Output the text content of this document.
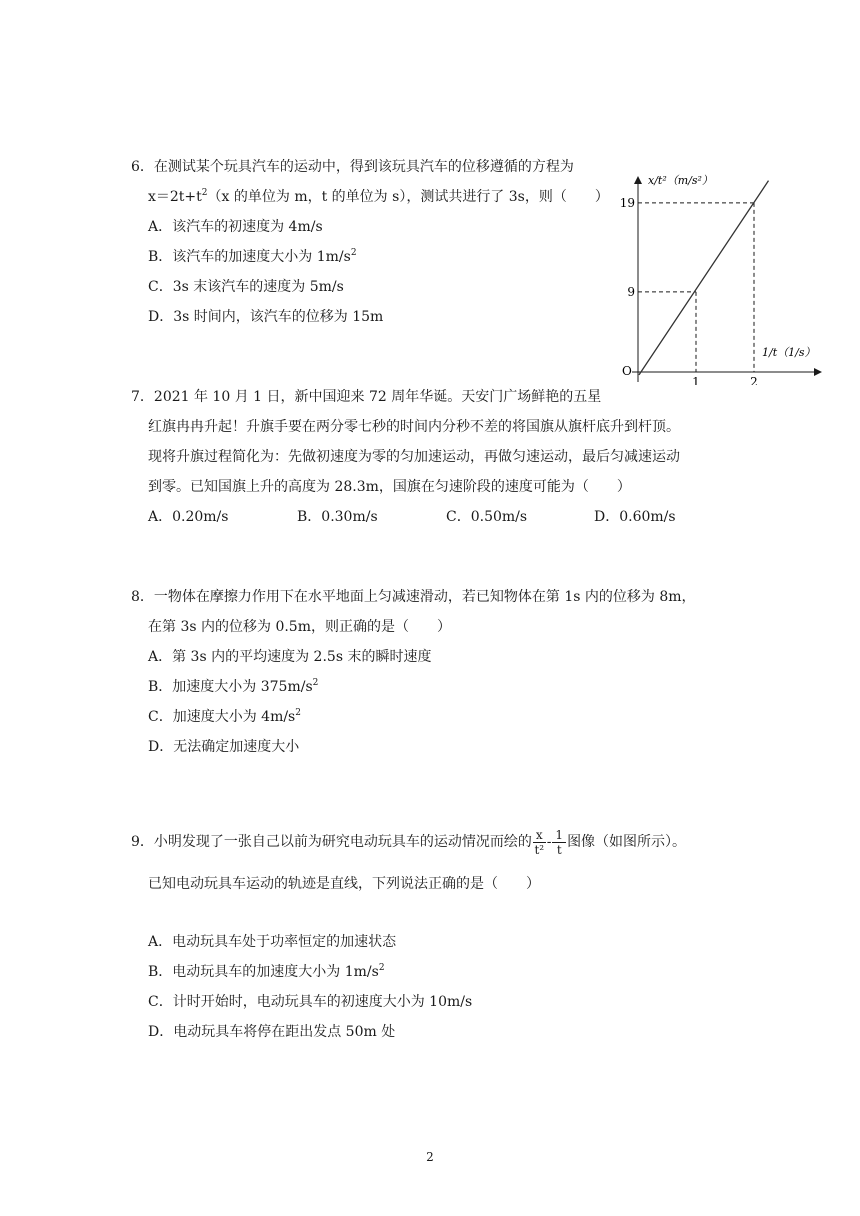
6．在测试某个玩具汽车的运动中，得到该玩具汽车的位移遵循的方程为
$x=2t+t^2(x$ 的单位为 m，t 的单位为 s），测试共进行了 3s，则（　　）
A．该汽车的初速度为 4m/s
B．该汽车的加速度大小为 $1m/s^2$
C．3s 末该汽车的速度为 5m/s
D．3s 时间内，该汽车的位移为 15m
19
9
1	2
O
x/t²（m/s²）
1/t（1/s）
7．2021 年 10 月 1 日，新中国迎来 72 周年华诞。天安门广场鲜艳的五星
红旗冉冉升起！升旗手要在两分零七秒的时间内分秒不差的将国旗从旗杆底升到杆顶。
现将升旗过程简化为：先做初速度为零的匀加速运动，再做匀速运动，最后匀减速运动
到零。已知国旗上升的高度为 28.3m，国旗在匀速阶段的速度可能为（　　）
A．0.20m/s	B．0.30m/s	C．0.50m/s	D．0.60m/s
8．一物体在摩擦力作用下在水平地面上匀减速滑动，若已知物体在第 1s 内的位移为 8m，
在第 3s 内的位移为 0.5m，则正确的是（　　）
A．第 3s 内的平均速度为 2.5s 末的瞬时速度
B．加速度大小为 $375m/s^2$
C．加速度大小为 $4m/s^2$
D．无法确定加速度大小
9．小明发现了一张自己以前为研究电动玩具车的运动情况而绘的 $\frac{x}{\text{t²}} - \frac{1}{t}$ 图像（如图所示）。
已知电动玩具车运动的轨迹是直线，下列说法正确的是（　　）
A．电动玩具车处于功率恒定的加速状态
B．电动玩具车的加速度大小为 $1m/s^2$
C．计时开始时，电动玩具车的初速度大小为 10m/s
D．电动玩具车将停在距出发点 50m 处
2
